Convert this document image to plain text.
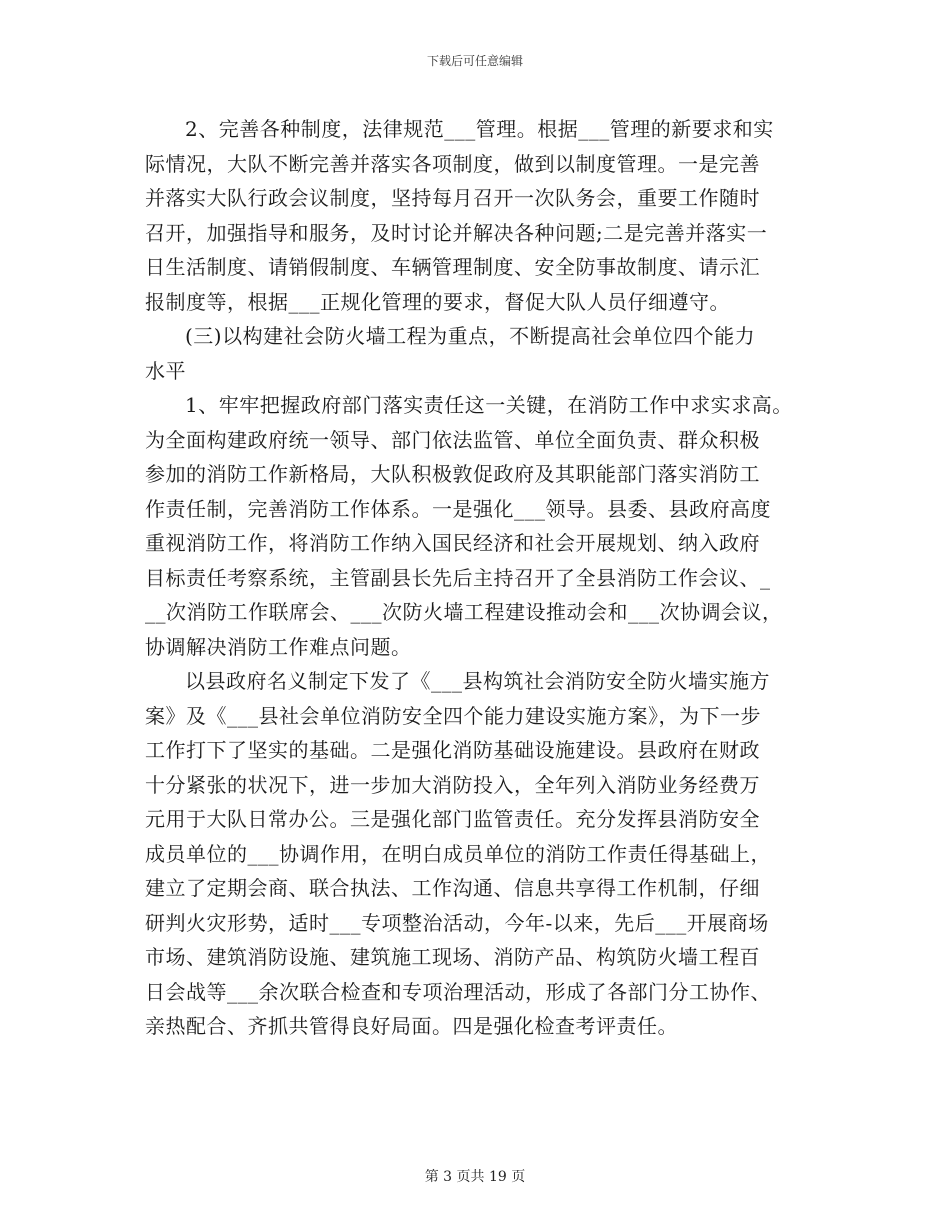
下载后可任意编辑
2、完善各种制度，法律规范___管理。根据___管理的新要求和实
际情况，大队不断完善并落实各项制度，做到以制度管理。一是完善
并落实大队行政会议制度，坚持每月召开一次队务会，重要工作随时
召开，加强指导和服务，及时讨论并解决各种问题;二是完善并落实一
日生活制度、请销假制度、车辆管理制度、安全防事故制度、请示汇
报制度等，根据___正规化管理的要求，督促大队人员仔细遵守。
(三)以构建社会防火墙工程为重点，不断提高社会单位四个能力
水平
1、牢牢把握政府部门落实责任这一关键，在消防工作中求实求高。
为全面构建政府统一领导、部门依法监管、单位全面负责、群众积极
参加的消防工作新格局，大队积极敦促政府及其职能部门落实消防工
作责任制，完善消防工作体系。一是强化___领导。县委、县政府高度
重视消防工作，将消防工作纳入国民经济和社会开展规划、纳入政府
目标责任考察系统，主管副县长先后主持召开了全县消防工作会议、_
__次消防工作联席会、___次防火墙工程建设推动会和___次协调会议，
协调解决消防工作难点问题。
以县政府名义制定下发了《___县构筑社会消防安全防火墙实施方
案》及《___县社会单位消防安全四个能力建设实施方案》，为下一步
工作打下了坚实的基础。二是强化消防基础设施建设。县政府在财政
十分紧张的状况下，进一步加大消防投入，全年列入消防业务经费万
元用于大队日常办公。三是强化部门监管责任。充分发挥县消防安全
成员单位的___协调作用，在明白成员单位的消防工作责任得基础上，
建立了定期会商、联合执法、工作沟通、信息共享得工作机制，仔细
研判火灾形势，适时___专项整治活动，今年-以来，先后___开展商场
市场、建筑消防设施、建筑施工现场、消防产品、构筑防火墙工程百
日会战等___余次联合检查和专项治理活动，形成了各部门分工协作、
亲热配合、齐抓共管得良好局面。四是强化检查考评责任。
第 3 页共 19 页
